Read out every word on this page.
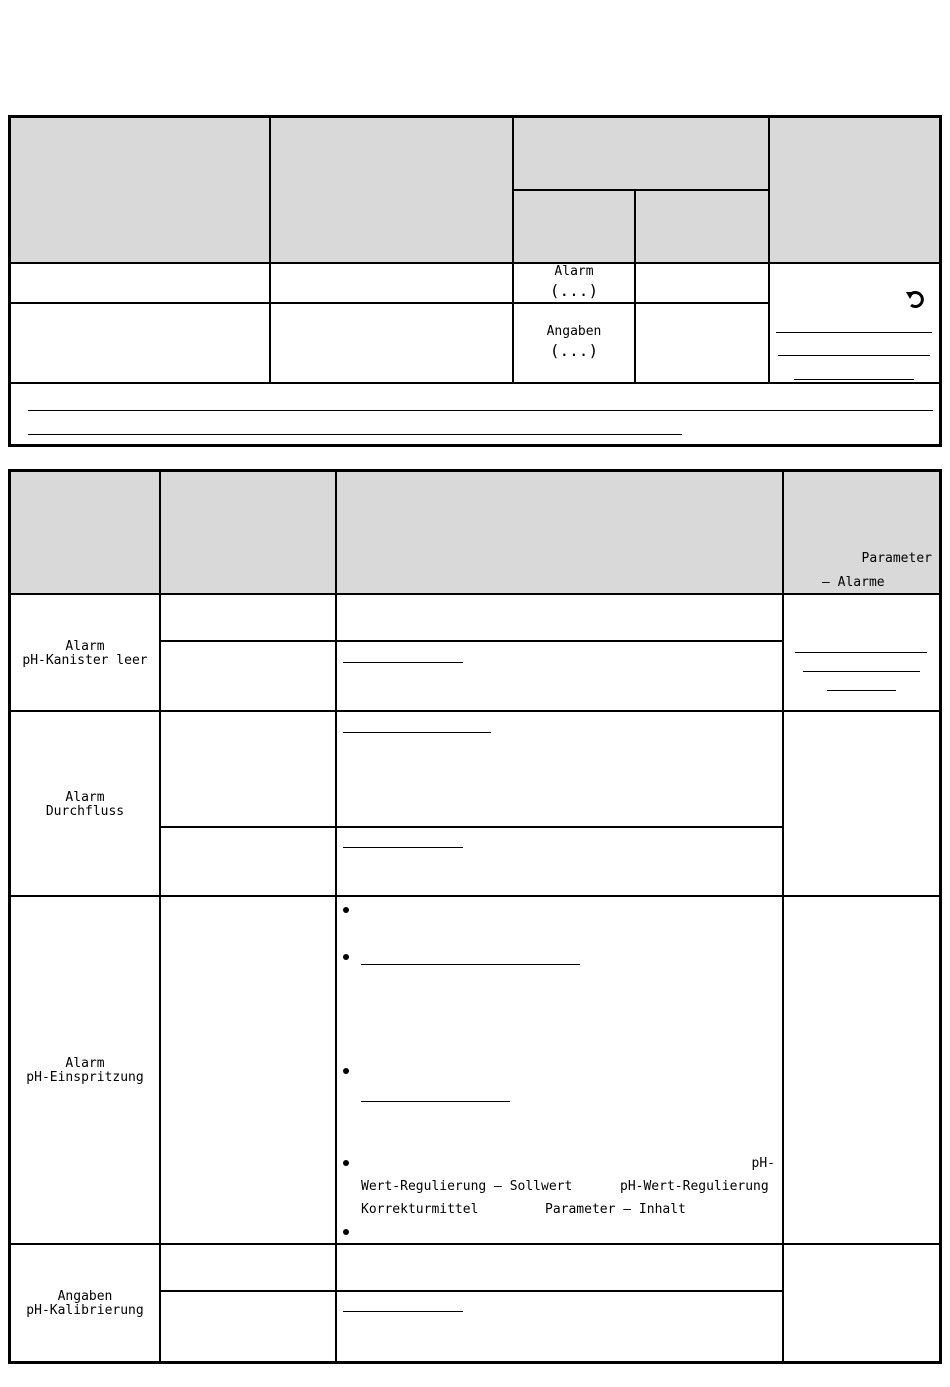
Alarm
(...)
Angaben
(...)
Parameter
– Alarme
Alarm
pH-Kanister leer
Alarm
Durchfluss
Alarm
pH-Einspritzung
pH-
Wert-Regulierung – Sollwert	pH-Wert-Regulierung
Korrekturmittel	Parameter – Inhalt
Angaben
pH-Kalibrierung
